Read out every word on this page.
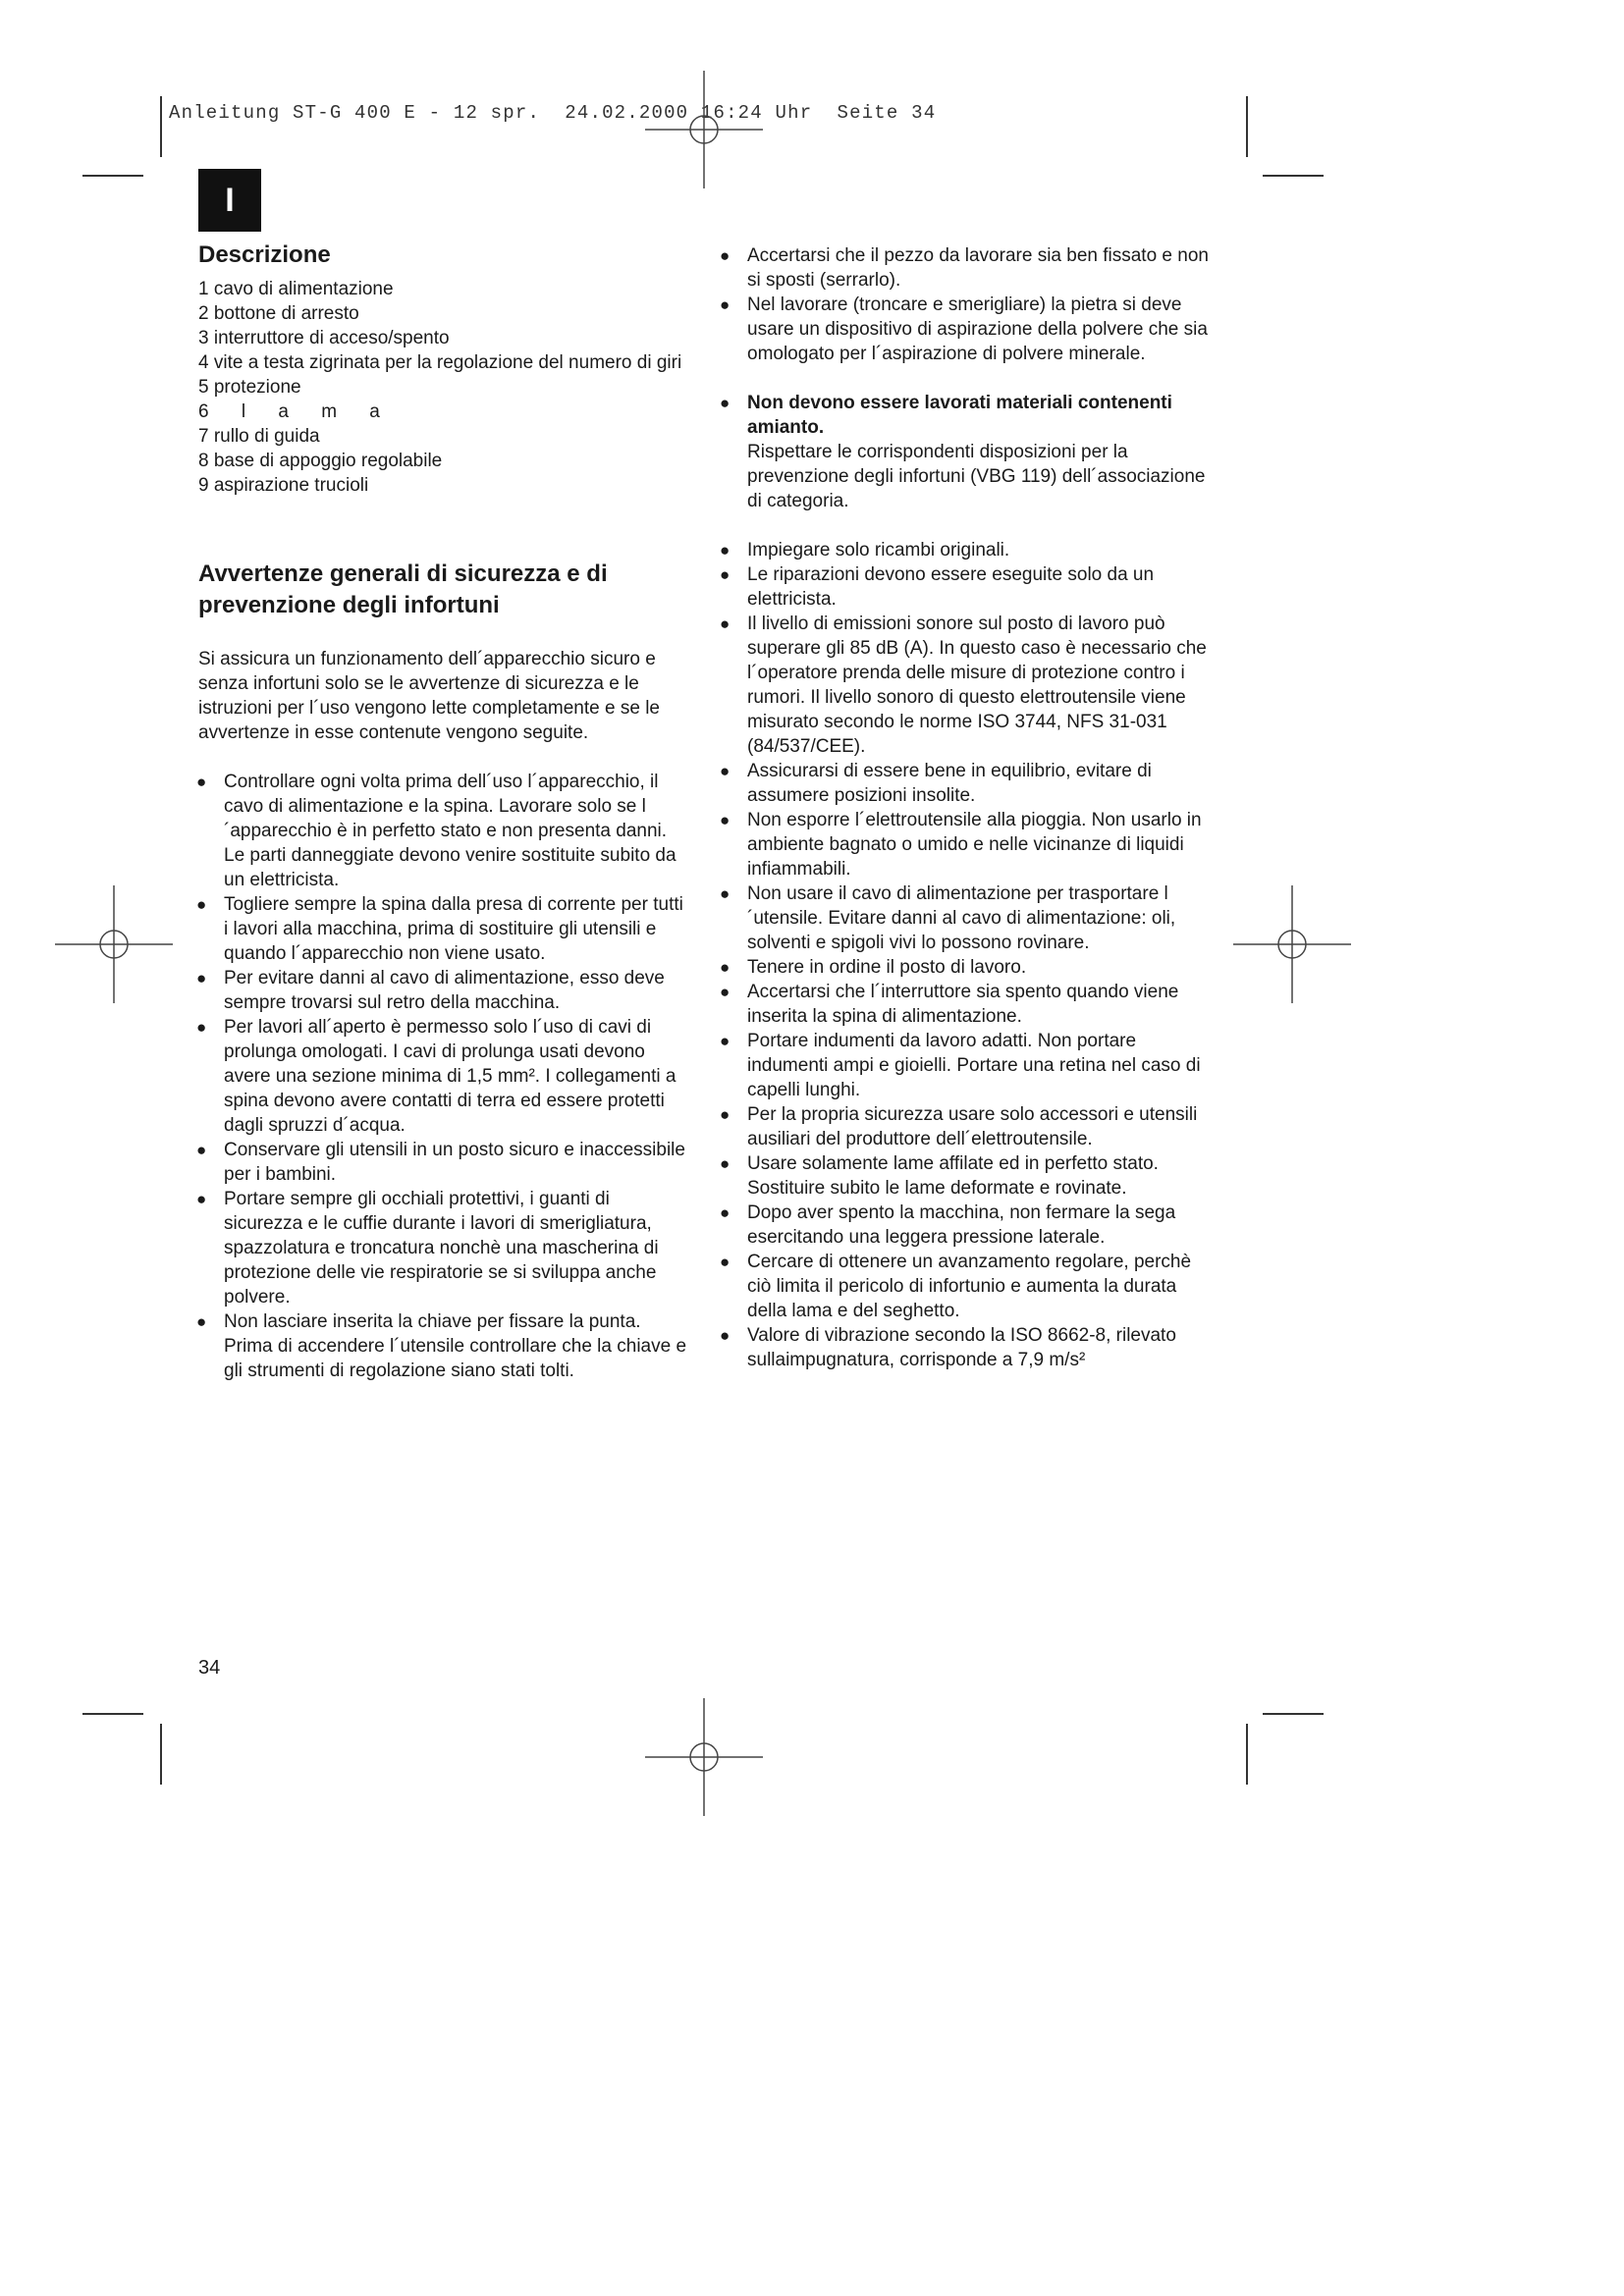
Anleitung ST-G 400 E - 12 spr.  24.02.2000 16:24 Uhr  Seite 34
I
Descrizione
1 cavo di alimentazione
2 bottone di arresto
3 interruttore di acceso/spento
4 vite a testa zigrinata per la regolazione del numero di giri
5 protezione
6 l a m a
7 rullo di guida
8 base di appoggio regolabile
9 aspirazione trucioli
Avvertenze generali di sicurezza e di prevenzione degli infortuni

Si assicura un funzionamento dell´apparecchio sicuro e senza infortuni solo se le avvertenze di sicurezza e le istruzioni per l´uso vengono lette completamente e se le avvertenze in esse contenute vengono seguite.

● Controllare ogni volta prima dell´uso l´apparecchio, il cavo di alimentazione e la spina. Lavorare solo se l´apparecchio è in perfetto stato e non presenta danni. Le parti danneggiate devono venire sostituite subito da un elettricista.
● Togliere sempre la spina dalla presa di corrente per tutti i lavori alla macchina, prima di sostituire gli utensili e quando l´apparecchio non viene usato.
● Per evitare danni al cavo di alimentazione, esso deve sempre trovarsi sul retro della macchina.
● Per lavori all´aperto è permesso solo l´uso di cavi di prolunga omologati. I cavi di prolunga usati devono avere una sezione minima di 1,5 mm². I collegamenti a spina devono avere contatti di terra ed essere protetti dagli spruzzi d´acqua.
● Conservare gli utensili in un posto sicuro e inaccessibile per i bambini.
● Portare sempre gli occhiali protettivi, i guanti di sicurezza e le cuffie durante i lavori di smerigliatura, spazzolatura e troncatura nonchè una mascherina di protezione delle vie respiratorie se si sviluppa anche polvere.
● Non lasciare inserita la chiave per fissare la punta. Prima di accendere l´utensile controllare che la chiave e gli strumenti di regolazione siano stati tolti.
● Accertarsi che il pezzo da lavorare sia ben fissato e non si sposti (serrarlo).
● Nel lavorare (troncare e smerigliare) la pietra si deve usare un dispositivo di aspirazione della polvere che sia omologato per l´aspirazione di polvere minerale.
● Non devono essere lavorati materiali contenenti amianto.
Rispettare le corrispondenti disposizioni per la prevenzione degli infortuni (VBG 119) dell´associazione di categoria.
● Impiegare solo ricambi originali.
● Le riparazioni devono essere eseguite solo da un elettricista.
● Il livello di emissioni sonore sul posto di lavoro può superare gli 85 dB (A). In questo caso è necessario che l´operatore prenda delle misure di protezione contro i rumori. Il livello sonoro di questo elettroutensile viene misurato secondo le norme ISO 3744, NFS 31-031 (84/537/CEE).
● Assicurarsi di essere bene in equilibrio, evitare di assumere posizioni insolite.
● Non esporre l´elettroutensile alla pioggia. Non usarlo in ambiente bagnato o umido e nelle vicinanze di liquidi infiammabili.
● Non usare il cavo di alimentazione per trasportare l´utensile. Evitare danni al cavo di alimentazione: oli, solventi e spigoli vivi lo possono rovinare.
● Tenere in ordine il posto di lavoro.
● Accertarsi che l´interruttore sia spento quando viene inserita la spina di alimentazione.
● Portare indumenti da lavoro adatti. Non portare indumenti ampi e gioielli. Portare una retina nel caso di capelli lunghi.
● Per la propria sicurezza usare solo accessori e utensili ausiliari del produttore dell´elettroutensile.
● Usare solamente lame affilate ed in perfetto stato. Sostituire subito le lame deformate e rovinate.
● Dopo aver spento la macchina, non fermare la sega esercitando una leggera pressione laterale.
● Cercare di ottenere un avanzamento regolare, perchè ciò limita il pericolo di infortunio e aumenta la durata della lama e del seghetto.
● Valore di vibrazione secondo la ISO 8662-8, rilevato sullaimpugnatura, corrisponde a 7,9 m/s²
34
